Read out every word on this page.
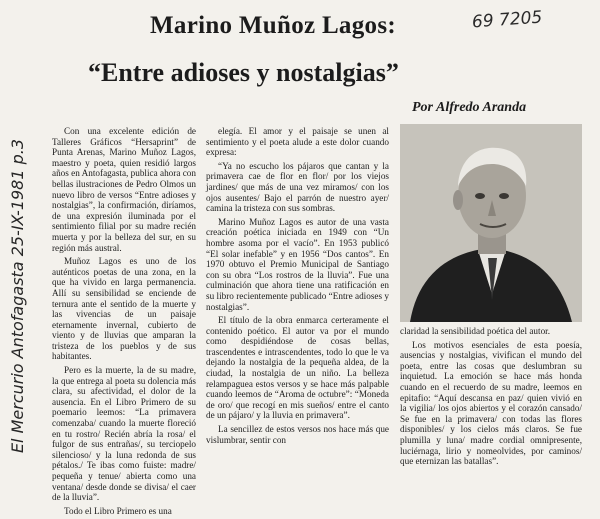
Marino Muñoz Lagos:
“Entre adioses y nostalgias”
69 7205
Por Alfredo Aranda
El Mercurio Antofagasta 25-IX-1981 p.3

Con una excelente edición de Talleres Gráficos “Hersaprint” de Punta Arenas, Marino Muñoz Lagos, maestro y poeta, quien residió largos años en Antofagasta, publica ahora con bellas ilustraciones de Pedro Olmos un nuevo libro de versos “Entre adioses y nostalgias”, la confirmación, diríamos, de una expresión iluminada por el sentimiento filial por su madre recién muerta y por la belleza del sur, en su región más austral.

Muñoz Lagos es uno de los auténticos poetas de una zona, en la que ha vivido en larga permanencia. Allí su sensibilidad se enciende de ternura ante el sentido de la muerte y las vivencias de un paisaje eternamente invernal, cubierto de viento y de lluvias que amparan la tristeza de los pueblos y de sus habitantes.

Pero es la muerte, la de su madre, la que entrega al poeta su dolencia más clara, su afectividad, el dolor de la ausencia. En el Libro Primero de su poemario leemos: “La primavera comenzaba/ cuando la muerte floreció en tu rostro/ Recién abría la rosa/ el fulgor de sus entrañas/, su terciopelo silencioso/ y la luna redonda de sus pétalos./ Te ibas como fuiste: madre/ pequeña y tenue/ abierta como una ventana/ desde donde se divisa/ el caer de la lluvia”.

Todo el Libro Primero es una

elegía. El amor y el paisaje se unen al sentimiento y el poeta alude a este dolor cuando expresa:

“Ya no escucho los pájaros que cantan y la primavera cae de flor en flor/ por los viejos jardines/ que más de una vez miramos/ con los ojos ausentes/ Bajo el parrón de nuestro ayer/ camina la tristeza con sus sombras.

Marino Muñoz Lagos es autor de una vasta creación poética iniciada en 1949 con “Un hombre asoma por el vacío”. En 1953 publicó “El solar inefable” y en 1956 “Dos cantos”. En 1970 obtuvo el Premio Municipal de Santiago con su obra “Los rostros de la lluvia”. Fue una culminación que ahora tiene una ratificación en su libro recientemente publicado “Entre adioses y nostalgias”.

El título de la obra enmarca certeramente el contenido poético. El autor va por el mundo como despidiéndose de cosas bellas, trascendentes e intrascendentes, todo lo que le va dejando la nostalgia de la pequeña aldea, de la ciudad, la nostalgia de un niño. La belleza relampaguea estos versos y se hace más palpable cuando leemos de “Aroma de octubre”: “Moneda de oro/ que recogí en mis sueños/ entre el canto de un pájaro/ y la lluvia en primavera”.

La sencillez de estos versos nos hace más que vislumbrar, sentir con

claridad la sensibilidad poética del autor.

Los motivos esenciales de esta poesía, ausencias y nostalgias, vivifican el mundo del poeta, entre las cosas que deslumbran su inquietud. La emoción se hace más honda cuando en el recuerdo de su madre, leemos en epitafio: “Aquí descansa en paz/ quien vivió en la vigilia/ los ojos abiertos y el corazón cansado/ Se fue en la primavera/ con todas las flores disponibles/ y los cielos más claros. Se fue plumilla y luna/ madre cordial omnipresente, luciérnaga, lirio y nomeolvides, por caminos/ que eternizan las batallas”.
